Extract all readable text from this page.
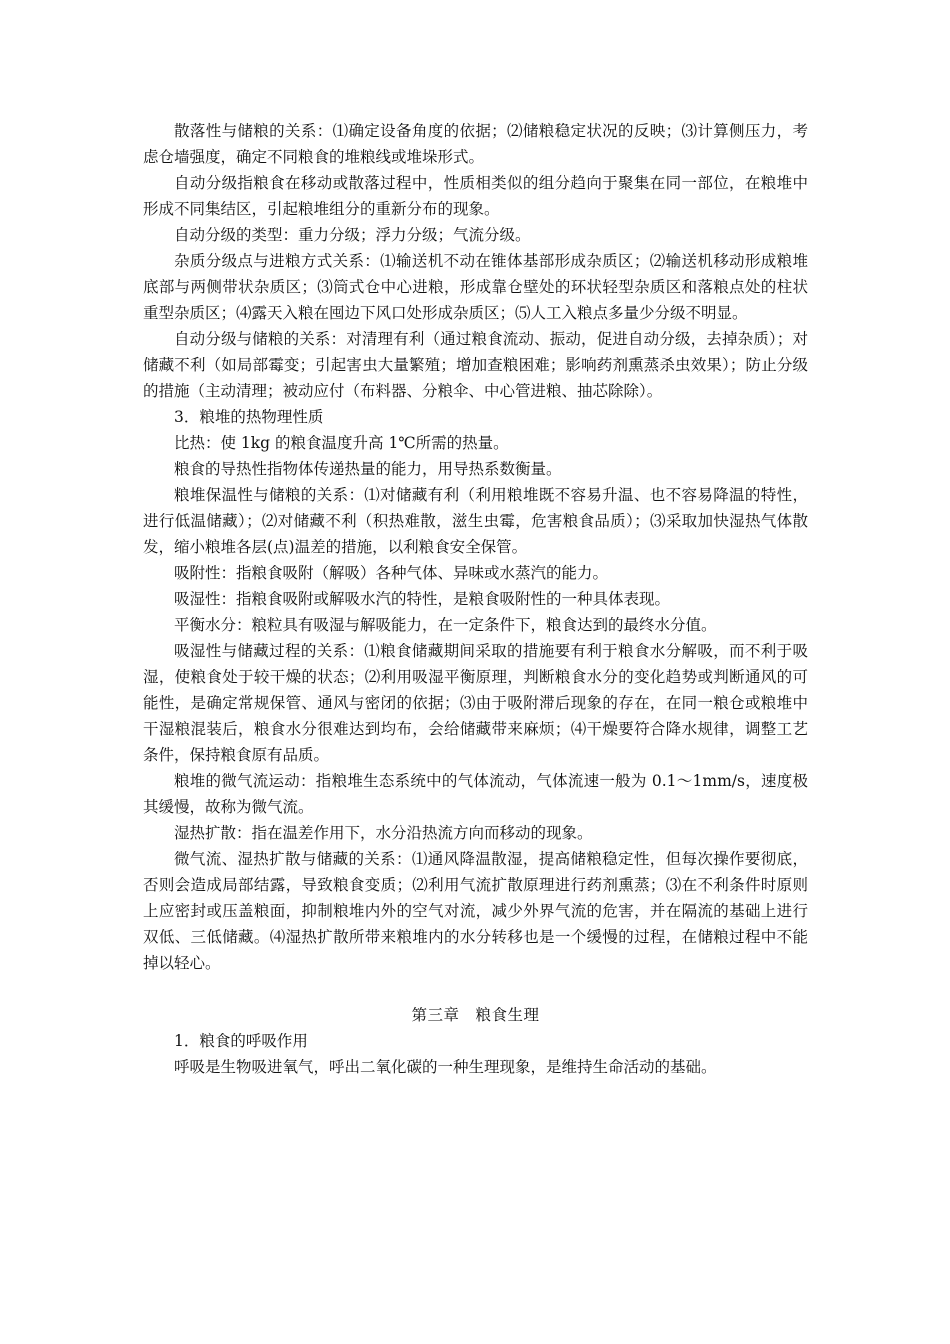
散落性与储粮的关系：⑴确定设备角度的依据；⑵储粮稳定状况的反映；⑶计算侧压力，考虑仓墙强度，确定不同粮食的堆粮线或堆垛形式。

自动分级指粮食在移动或散落过程中，性质相类似的组分趋向于聚集在同一部位，在粮堆中形成不同集结区，引起粮堆组分的重新分布的现象。

自动分级的类型：重力分级；浮力分级；气流分级。

杂质分级点与进粮方式关系：⑴输送机不动在锥体基部形成杂质区；⑵输送机移动形成粮堆底部与两侧带状杂质区；⑶筒式仓中心进粮，形成靠仓壁处的环状轻型杂质区和落粮点处的柱状重型杂质区；⑷露天入粮在囤边下风口处形成杂质区；⑸人工入粮点多量少分级不明显。

自动分级与储粮的关系：对清理有利（通过粮食流动、振动，促进自动分级，去掉杂质）；对储藏不利（如局部霉变；引起害虫大量繁殖；增加查粮困难；影响药剂熏蒸杀虫效果）；防止分级的措施（主动清理；被动应付（布料器、分粮伞、中心管进粮、抽芯除除）。

3．粮堆的热物理性质

比热：使 1kg 的粮食温度升高 1℃所需的热量。

粮食的导热性指物体传递热量的能力，用导热系数衡量。

粮堆保温性与储粮的关系：⑴对储藏有利（利用粮堆既不容易升温、也不容易降温的特性，进行低温储藏）；⑵对储藏不利（积热难散，滋生虫霉，危害粮食品质）；⑶采取加快湿热气体散发，缩小粮堆各层(点)温差的措施，以利粮食安全保管。

吸附性：指粮食吸附（解吸）各种气体、异味或水蒸汽的能力。

吸湿性：指粮食吸附或解吸水汽的特性，是粮食吸附性的一种具体表现。

平衡水分：粮粒具有吸湿与解吸能力，在一定条件下，粮食达到的最终水分值。

吸湿性与储藏过程的关系：⑴粮食储藏期间采取的措施要有利于粮食水分解吸，而不利于吸湿，使粮食处于较干燥的状态；⑵利用吸湿平衡原理，判断粮食水分的变化趋势或判断通风的可能性，是确定常规保管、通风与密闭的依据；⑶由于吸附滞后现象的存在，在同一粮仓或粮堆中干湿粮混装后，粮食水分很难达到均布，会给储藏带来麻烦；⑷干燥要符合降水规律，调整工艺条件，保持粮食原有品质。

粮堆的微气流运动：指粮堆生态系统中的气体流动，气体流速一般为 0.1～1mm/s，速度极其缓慢，故称为微气流。

湿热扩散：指在温差作用下，水分沿热流方向而移动的现象。

微气流、湿热扩散与储藏的关系：⑴通风降温散湿，提高储粮稳定性，但每次操作要彻底，否则会造成局部结露，导致粮食变质；⑵利用气流扩散原理进行药剂熏蒸；⑶在不利条件时原则上应密封或压盖粮面，抑制粮堆内外的空气对流，减少外界气流的危害，并在隔流的基础上进行双低、三低储藏。⑷湿热扩散所带来粮堆内的水分转移也是一个缓慢的过程，在储粮过程中不能掉以轻心。

第三章　粮食生理

1．粮食的呼吸作用

呼吸是生物吸进氧气，呼出二氧化碳的一种生理现象，是维持生命活动的基础。
